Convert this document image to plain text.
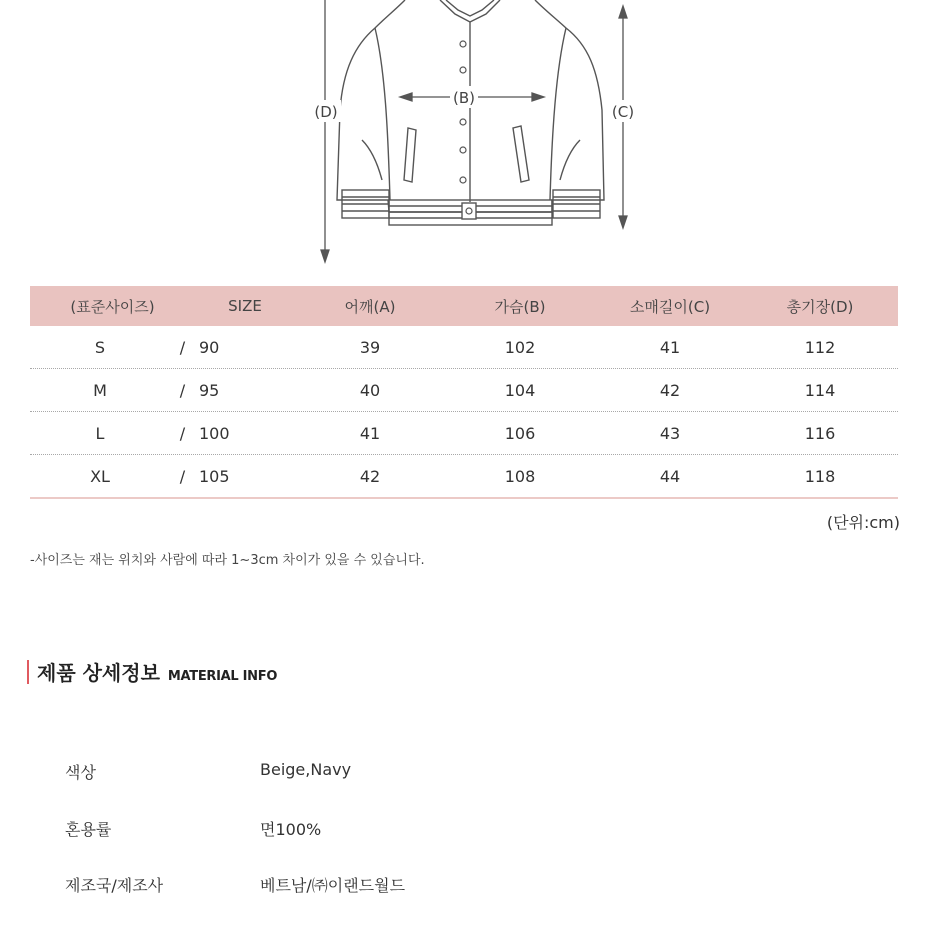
(B)
(D)	(C)
(표준사이즈)	SIZE	어깨(A)	가슴(B)	소매길이(C)	총기장(D)
S	/ 90	39	102	41	112
M	/ 95	40	104	42	114
L	/ 100	41	106	43	116
XL	/ 105	42	108	44	118
(단위:cm)
-사이즈는 재는 위치와 사람에 따라 1~3cm 차이가 있을 수 있습니다.
제품 상세정보 MATERIAL INFO
색상	Beige,Navy
혼용률	면100%
제조국/제조사	베트남/㈜이랜드월드
